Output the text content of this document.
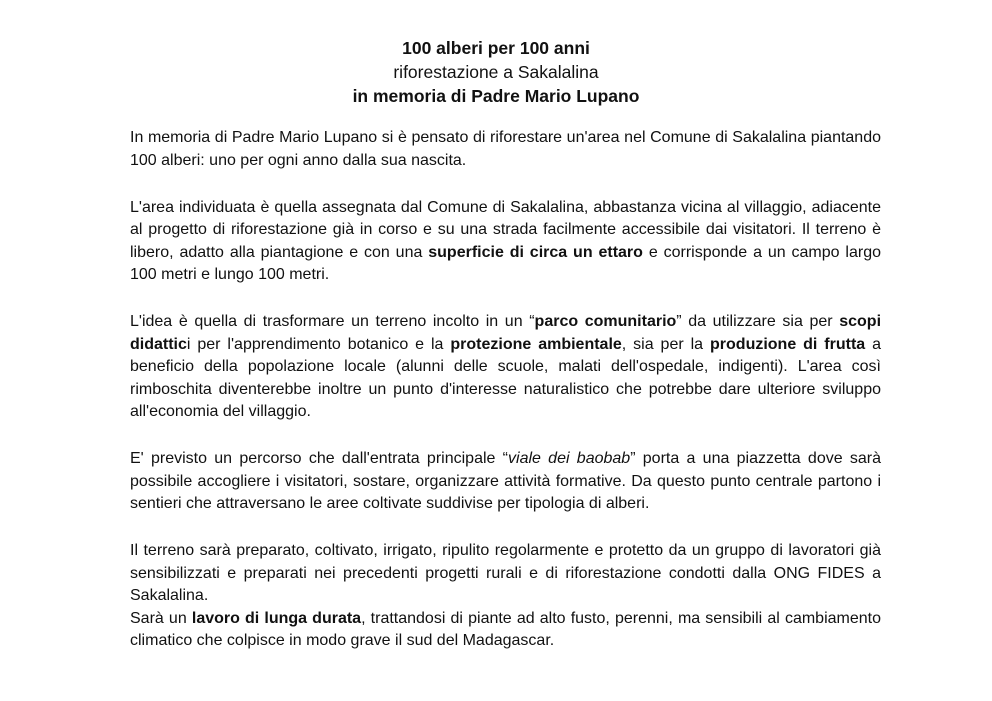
100 alberi per 100 anni
riforestazione a Sakalalina
in memoria di Padre Mario Lupano

In memoria di Padre Mario Lupano si è pensato di riforestare un'area nel Comune di Sakalalina piantando 100 alberi: uno per ogni anno dalla sua nascita.

L'area individuata è quella assegnata dal Comune di Sakalalina, abbastanza vicina al villaggio, adiacente al progetto di riforestazione già in corso e su una strada facilmente accessibile dai visitatori. Il terreno è libero, adatto alla piantagione e con una superficie di circa un ettaro e corrisponde a un campo largo 100 metri e lungo 100 metri.

L'idea è quella di trasformare un terreno incolto in un “parco comunitario” da utilizzare sia per scopi didattici per l'apprendimento botanico e la protezione ambientale, sia per la produzione di frutta a beneficio della popolazione locale (alunni delle scuole, malati dell'ospedale, indigenti). L'area così rimboschita diventerebbe inoltre un punto d'interesse naturalistico che potrebbe dare ulteriore sviluppo all'economia del villaggio.

E' previsto un percorso che dall'entrata principale “viale dei baobab” porta a una piazzetta dove sarà possibile accogliere i visitatori, sostare, organizzare attività formative. Da questo punto centrale partono i sentieri che attraversano le aree coltivate suddivise per tipologia di alberi.

Il terreno sarà preparato, coltivato, irrigato, ripulito regolarmente e protetto da un gruppo di lavoratori già sensibilizzati e preparati nei precedenti progetti rurali e di riforestazione condotti dalla ONG FIDES a Sakalalina.

Sarà un lavoro di lunga durata, trattandosi di piante ad alto fusto, perenni, ma sensibili al cambiamento climatico che colpisce in modo grave il sud del Madagascar.
